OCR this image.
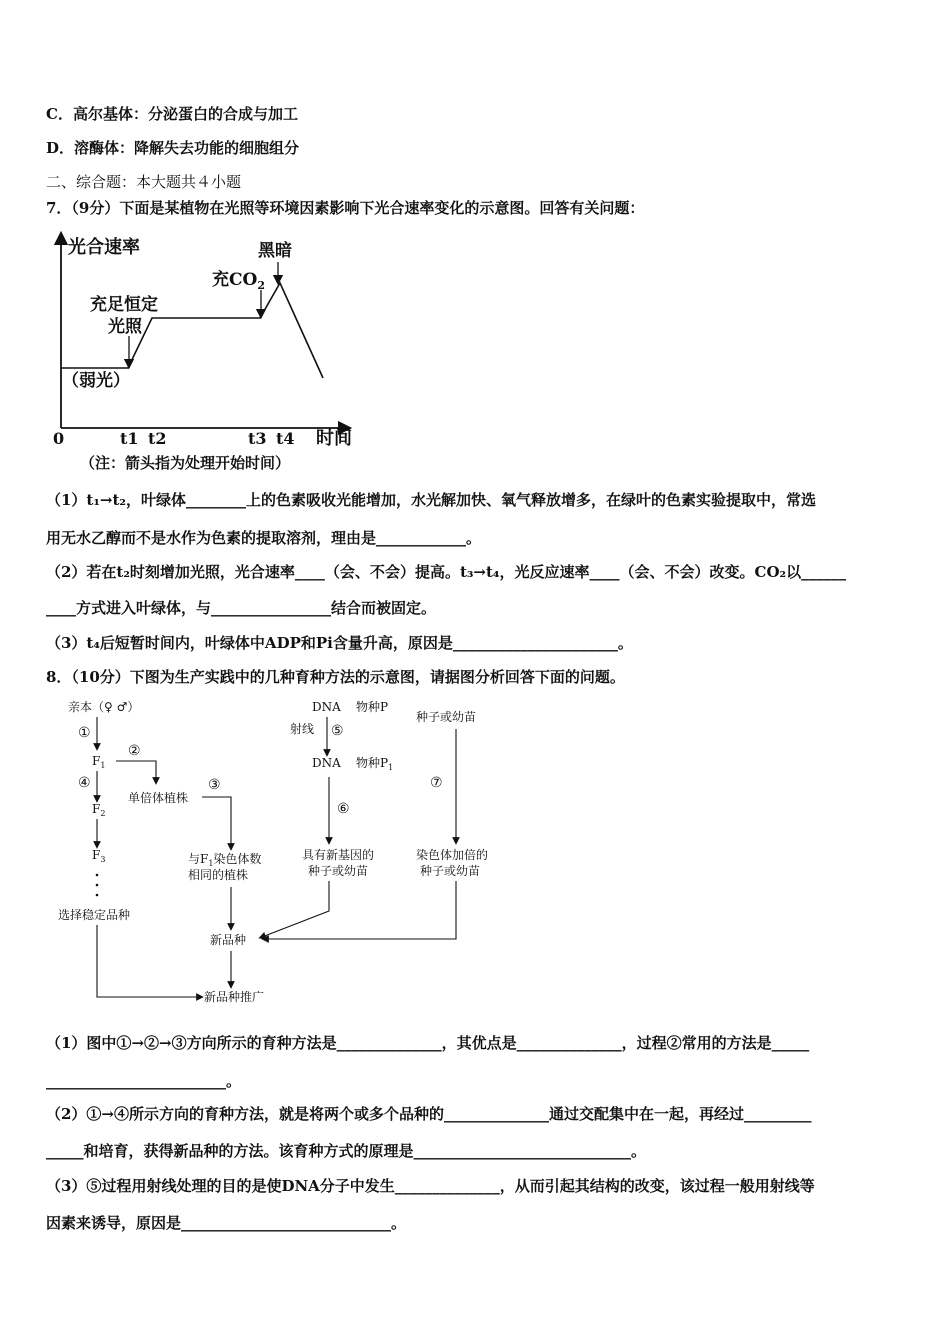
C．高尔基体：分泌蛋白的合成与加工
D．溶酶体：降解失去功能的细胞组分
二、综合题：本大题共４小题
7．（9分）下面是某植物在光照等环境因素影响下光合速率变化的示意图。回答有关问题：
光合速率
时间
0	t1 t2	t3 t4
（弱光）
充足恒定
光照
充$CO_2$
黑暗
（注：箭头指为处理开始时间）
（1）t₁→t₂，叶绿体________上的色素吸收光能增加，水光解加快、氧气释放增多，在绿叶的色素实验提取中，常选
用无水乙醇而不是水作为色素的提取溶剂，理由是____________。
（2）若在t₂时刻增加光照，光合速率____（会、不会）提高。t₃→t₄，光反应速率____（会、不会）改变。CO₂以______
____方式进入叶绿体，与________________结合而被固定。
（3）t₄后短暂时间内，叶绿体中ADP和Pi含量升高，原因是______________________。
8．（10分）下图为生产实践中的几种育种方法的示意图，请据图分析回答下面的问题。
亲本（♀ ♂）
①
$F_1$
④
$F_2$
$F_3$
选择稳定品种
②
单倍体植株
③
与$F_1$染色体数
相同的植株
DNA 物种P
射线 ⑤
DNA 物种$P_1$
⑥
具有新基因的
种子或幼苗
种子或幼苗
⑦
染色体加倍的
种子或幼苗
新品种
新品种推广
（1）图中①→②→③方向所示的育种方法是______________，其优点是______________，过程②常用的方法是_____
________________________。
（2）①→④所示方向的育种方法，就是将两个或多个品种的______________通过交配集中在一起，再经过_________
_____和培育，获得新品种的方法。该育种方式的原理是_____________________________。
（3）⑤过程用射线处理的目的是使DNA分子中发生______________，从而引起其结构的改变，该过程一般用射线等
因素来诱导，原因是____________________________。
